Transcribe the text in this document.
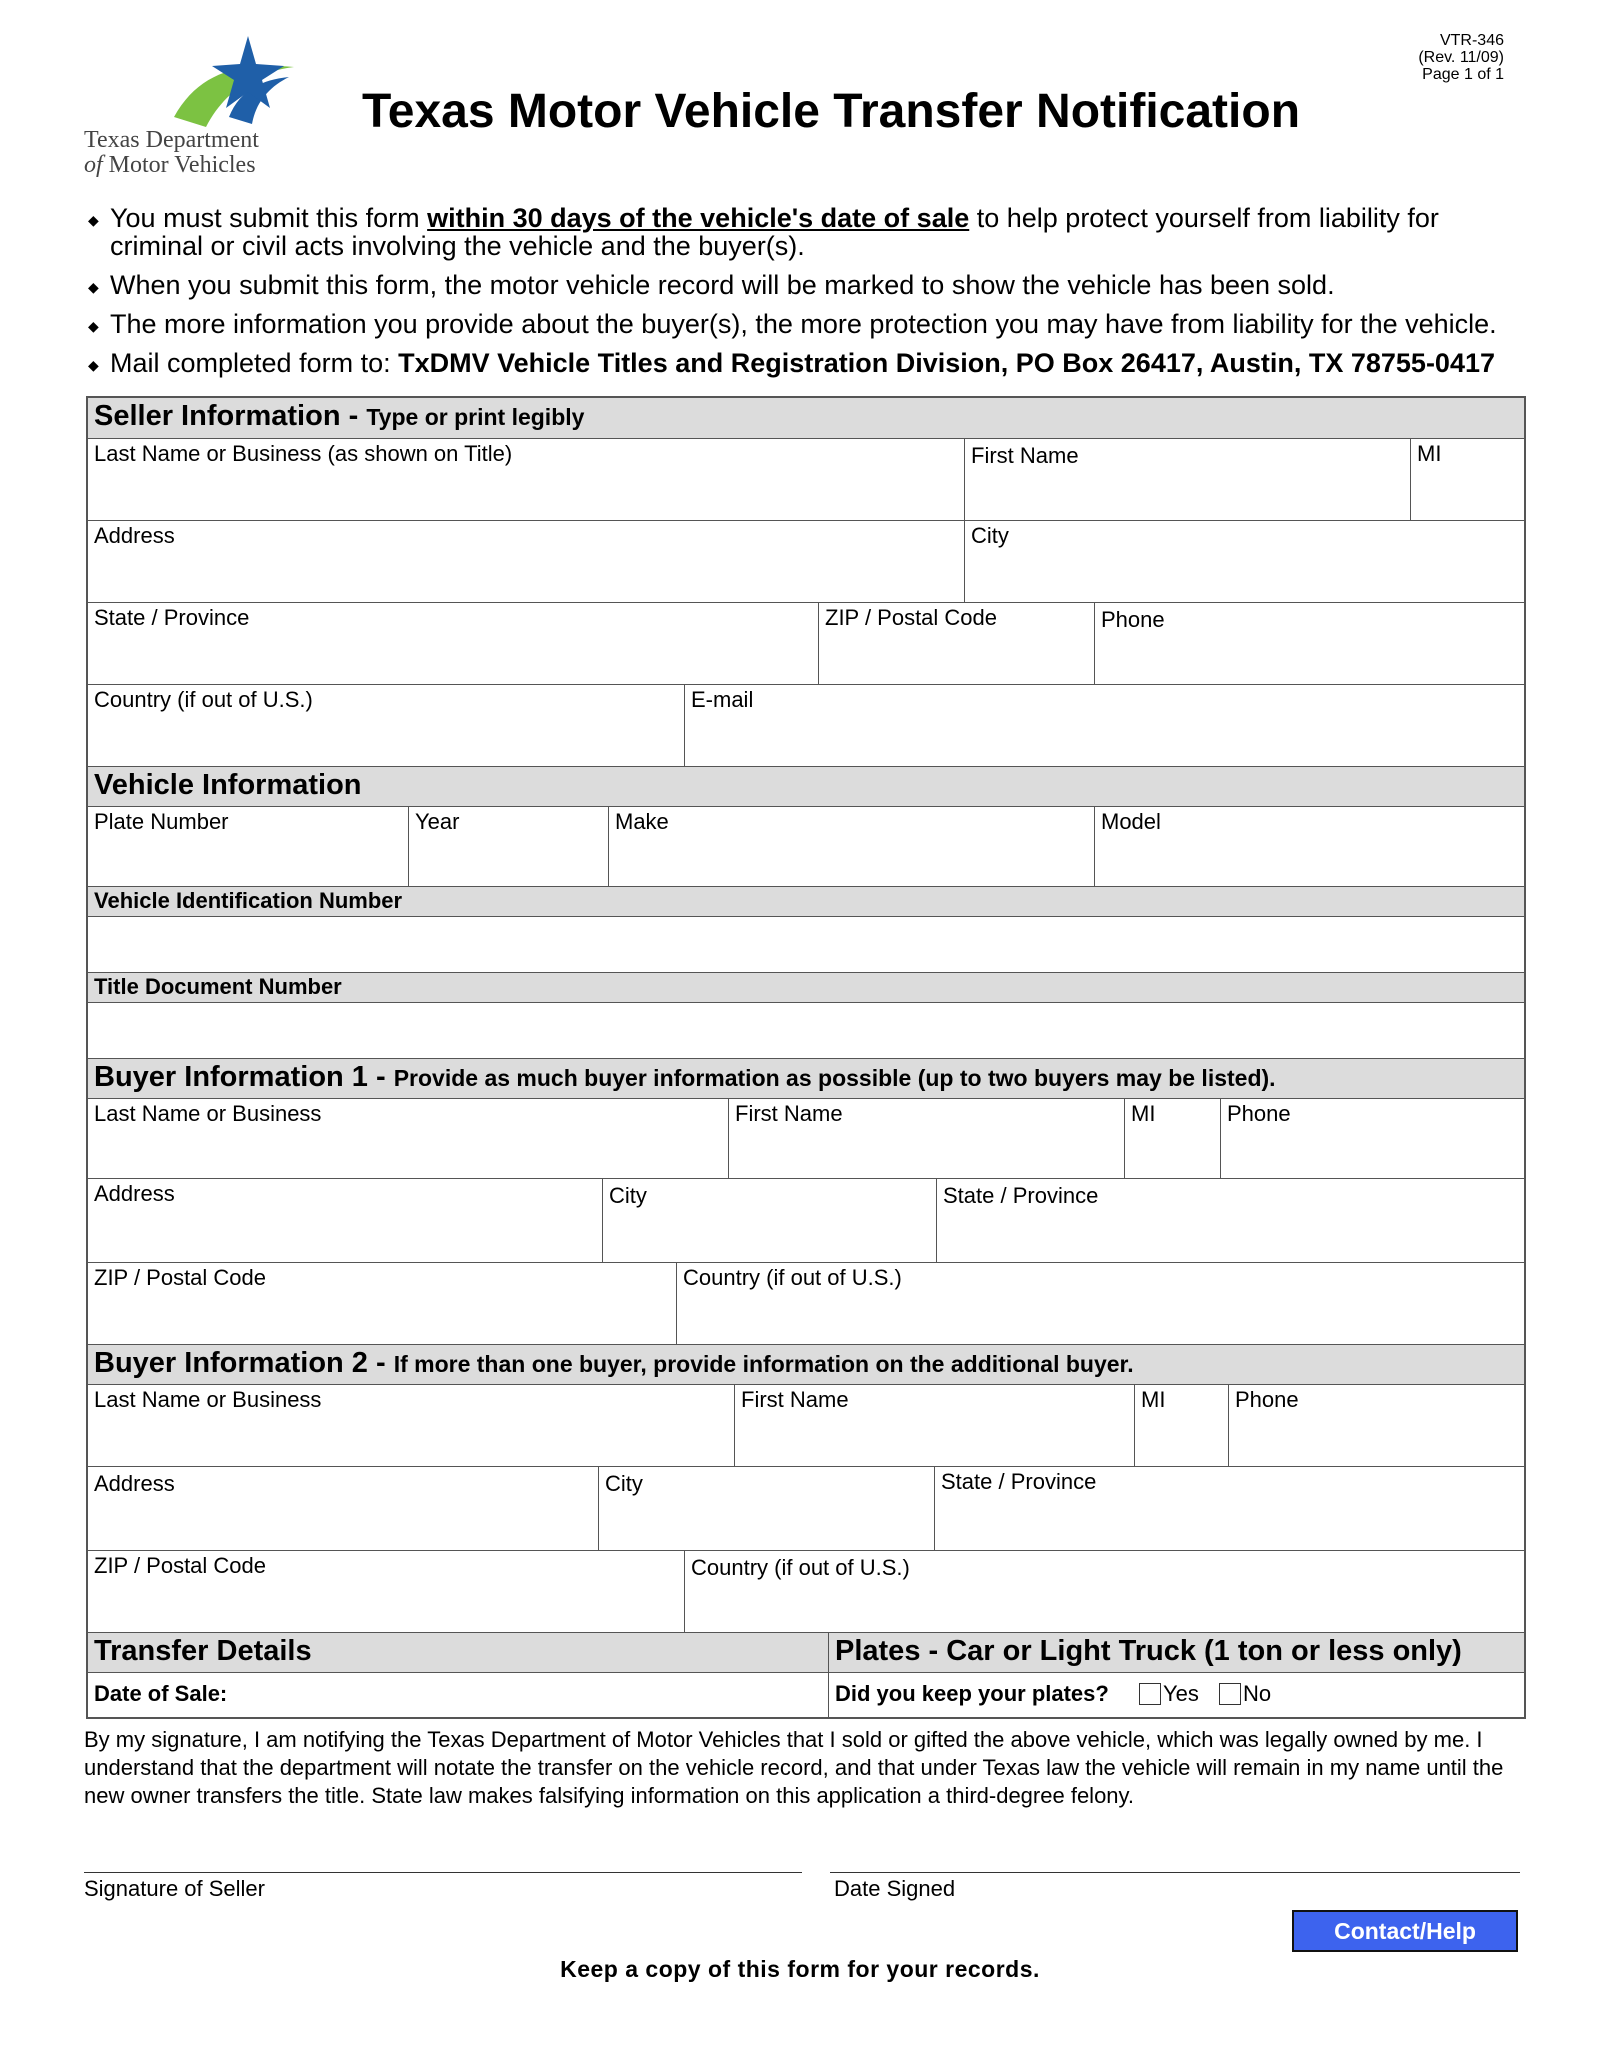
Texas Department
of Motor Vehicles
VTR-346
(Rev. 11/09)
Page 1 of 1
Texas Motor Vehicle Transfer Notification
◆ You must submit this form within 30 days of the vehicle's date of sale to help protect yourself from liability for criminal or civil acts involving the vehicle and the buyer(s).
◆ When you submit this form, the motor vehicle record will be marked to show the vehicle has been sold.
◆ The more information you provide about the buyer(s), the more protection you may have from liability for the vehicle.
◆ Mail completed form to: TxDMV Vehicle Titles and Registration Division, PO Box 26417, Austin, TX 78755-0417
Seller Information - Type or print legibly
Last Name or Business (as shown on Title)	First Name	MI
Address	City
State / Province	ZIP / Postal Code	Phone
Country (if out of U.S.)	E-mail
Vehicle Information
Plate Number	Year	Make	Model
Vehicle Identification Number
Title Document Number
Buyer Information 1 - Provide as much buyer information as possible (up to two buyers may be listed).
Last Name or Business	First Name	MI	Phone
Address	City	State / Province
ZIP / Postal Code	Country (if out of U.S.)
Buyer Information 2 - If more than one buyer, provide information on the additional buyer.
Last Name or Business	First Name	MI	Phone
Address	City	State / Province
ZIP / Postal Code	Country (if out of U.S.)
Transfer Details	Plates - Car or Light Truck (1 ton or less only)
Date of Sale:	Did you keep your plates? Yes No
By my signature, I am notifying the Texas Department of Motor Vehicles that I sold or gifted the above vehicle, which was legally owned by me. I understand that the department will notate the transfer on the vehicle record, and that under Texas law the vehicle will remain in my name until the new owner transfers the title. State law makes falsifying information on this application a third-degree felony.
Signature of Seller	Date Signed
Contact/Help
Keep a copy of this form for your records.
